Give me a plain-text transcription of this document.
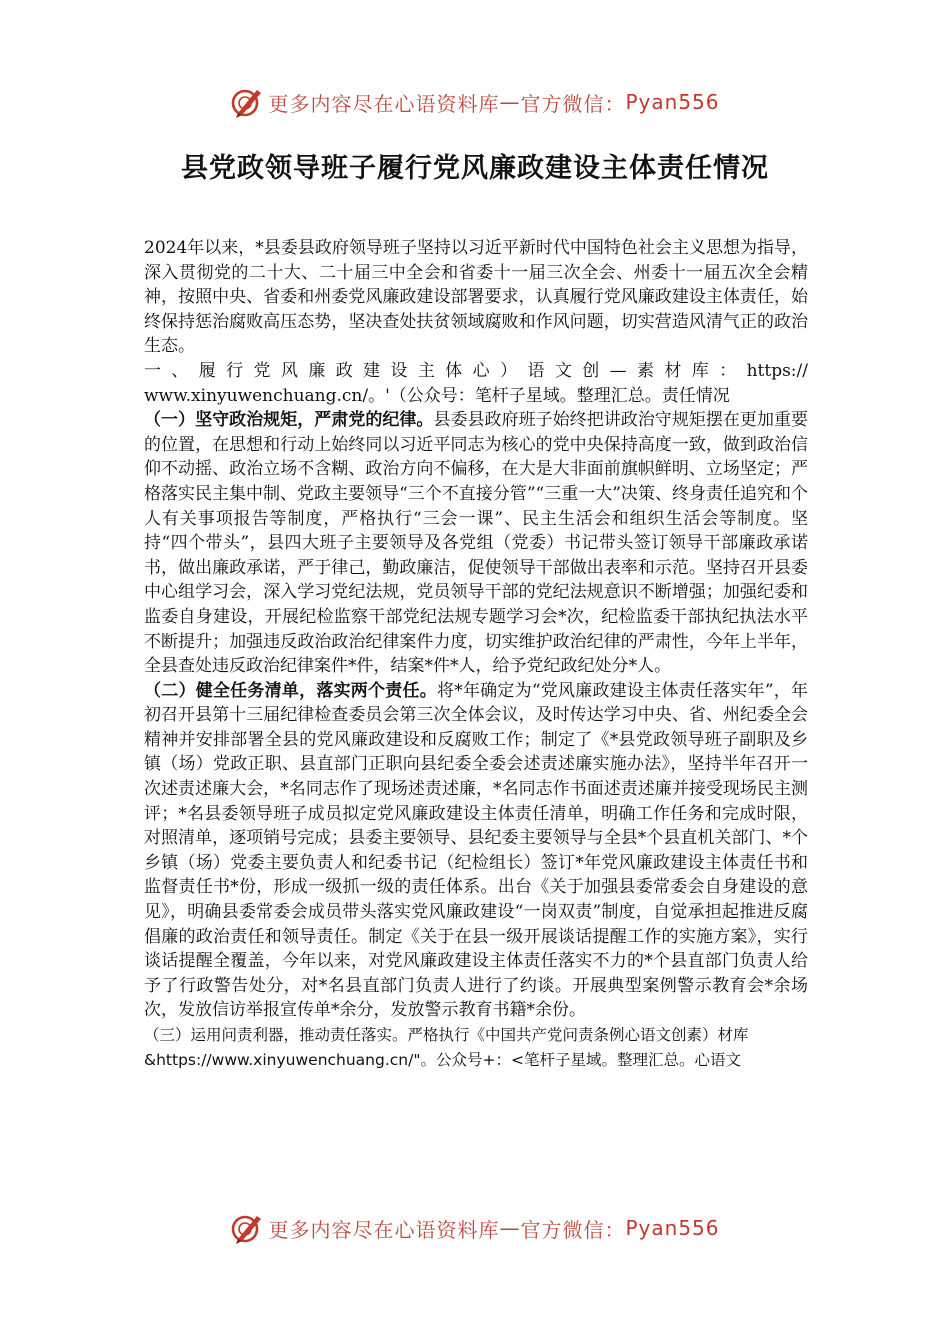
更多内容尽在心语资料库 — 官方微信： Pyan556
县党政领导班子履行党风廉政建设主体责任情况

2024年以来，*县委县政府领导班子坚持以习近平新时代中国特色社会主义思想为指导，深入贯彻党的二十大、二十届三中全会和省委十一届三次全会、州委十一届五次全会精神，按照中央、省委和州委党风廉政建设部署要求，认真履行党风廉政建设主体责任，始终保持惩治腐败高压态势，坚决查处扶贫领域腐败和作风问题，切实营造风清气正的政治生态。

一、履行党风廉政建设主体心）语文创—素材库：https://

www.xinyuwenchuang.cn/。'（公众号：笔杆子星域。整理汇总。责任情况

（一）坚守政治规矩，严肃党的纪律。县委县政府班子始终把讲政治守规矩摆在更加重要的位置，在思想和行动上始终同以习近平同志为核心的党中央保持高度一致，做到政治信仰不动摇、政治立场不含糊、政治方向不偏移，在大是大非面前旗帜鲜明、立场坚定；严格落实民主集中制、党政主要领导“三个不直接分管”“三重一大”决策、终身责任追究和个人有关事项报告等制度，严格执行“三会一课”、民主生活会和组织生活会等制度。坚持“四个带头”，县四大班子主要领导及各党组（党委）书记带头签订领导干部廉政承诺书，做出廉政承诺，严于律己，勤政廉洁，促使领导干部做出表率和示范。坚持召开县委中心组学习会，深入学习党纪法规，党员领导干部的党纪法规意识不断增强；加强纪委和监委自身建设，开展纪检监察干部党纪法规专题学习会*次，纪检监委干部执纪执法水平不断提升；加强违反政治政治纪律案件力度，切实维护政治纪律的严肃性，今年上半年，全县查处违反政治纪律案件*件，结案*件*人，给予党纪政纪处分*人。

（二）健全任务清单，落实两个责任。将*年确定为“党风廉政建设主体责任落实年”，年初召开县第十三届纪律检查委员会第三次全体会议，及时传达学习中央、省、州纪委全会精神并安排部署全县的党风廉政建设和反腐败工作；制定了《*县党政领导班子副职及乡镇（场）党政正职、县直部门正职向县纪委全委会述责述廉实施办法》，坚持半年召开一次述责述廉大会，*名同志作了现场述责述廉，*名同志作书面述责述廉并接受现场民主测评；*名县委领导班子成员拟定党风廉政建设主体责任清单，明确工作任务和完成时限，对照清单，逐项销号完成；县委主要领导、县纪委主要领导与全县*个县直机关部门、*个乡镇（场）党委主要负责人和纪委书记（纪检组长）签订*年党风廉政建设主体责任书和监督责任书*份，形成一级抓一级的责任体系。出台《关于加强县委常委会自身建设的意见》，明确县委常委会成员带头落实党风廉政建设“一岗双责”制度，自觉承担起推进反腐倡廉的政治责任和领导责任。制定《关于在县一级开展谈话提醒工作的实施方案》，实行谈话提醒全覆盖，今年以来，对党风廉政建设主体责任落实不力的*个县直部门负责人给予了行政警告处分，对*名县直部门负责人进行了约谈。开展典型案例警示教育会*余场次，发放信访举报宣传单*余分，发放警示教育书籍*余份。

（三）运用问责利器，推动责任落实。严格执行《中国共产党问责条例心语文创素）材库

&https://www.xinyuwenchuang.cn/"。公众号+：<笔杆子星域。整理汇总。心语文

更多内容尽在心语资料库 — 官方微信： Pyan556
